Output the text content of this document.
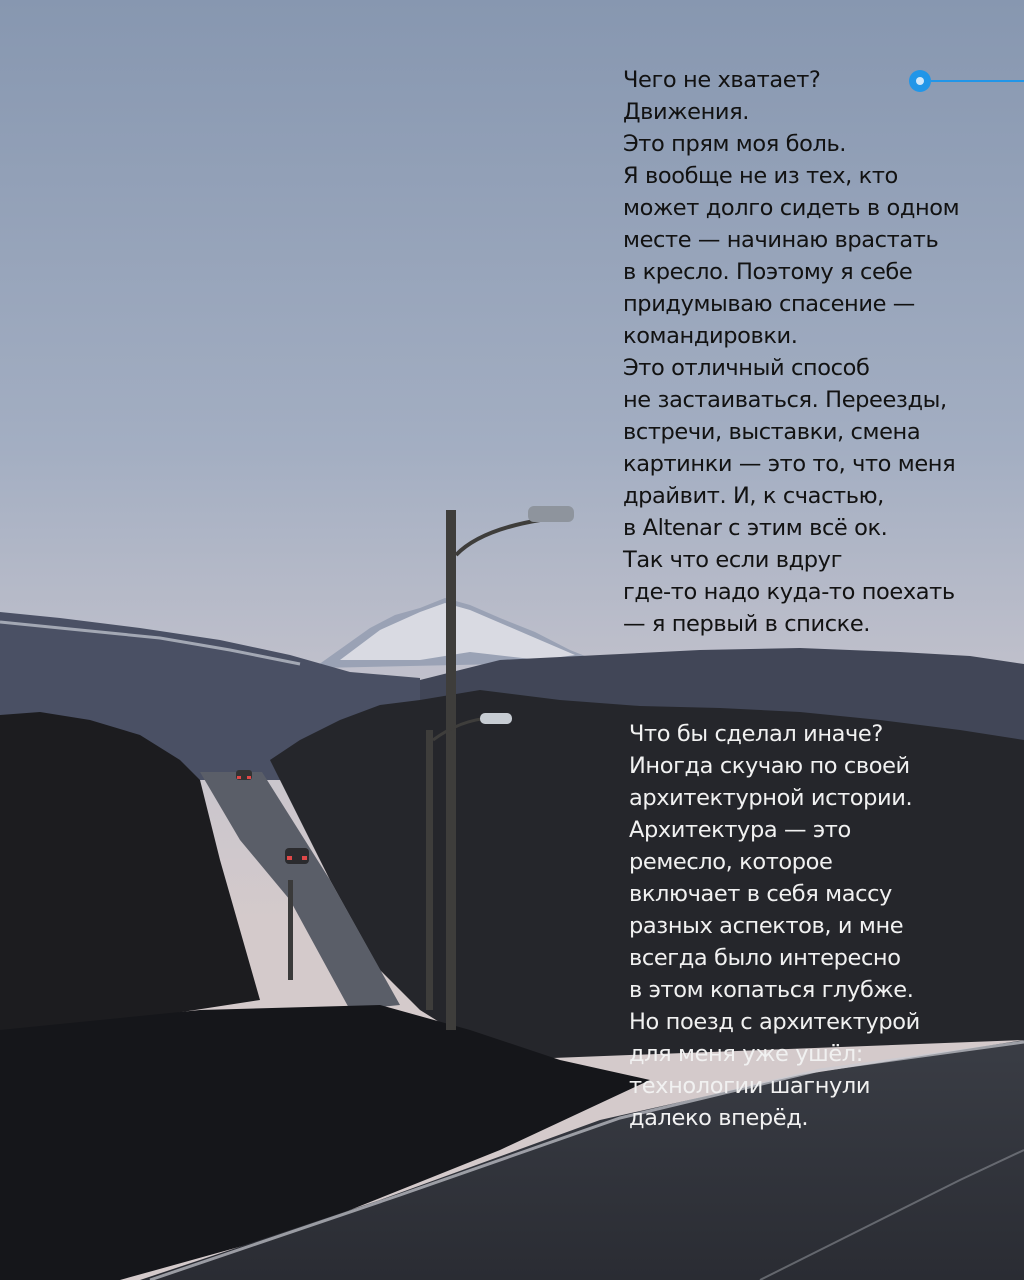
Чего не хватает?
Движения.
Это прям моя боль.
Я вообще не из тех, кто
может долго сидеть в одном
месте — начинаю врастать
в кресло. Поэтому я себе
придумываю спасение —
командировки.
Это отличный способ
не застаиваться. Переезды,
встречи, выставки, смена
картинки — это то, что меня
драйвит. И, к счастью,
в Altenar с этим всё ок.
Так что если вдруг
где-то надо куда-то поехать
— я первый в списке.
Что бы сделал иначе?
Иногда скучаю по своей
архитектурной истории.
Архитектура — это
ремесло, которое
включает в себя массу
разных аспектов, и мне
всегда было интересно
в этом копаться глубже.
Но поезд с архитектурой
для меня уже ушёл:
технологии шагнули
далеко вперёд.
